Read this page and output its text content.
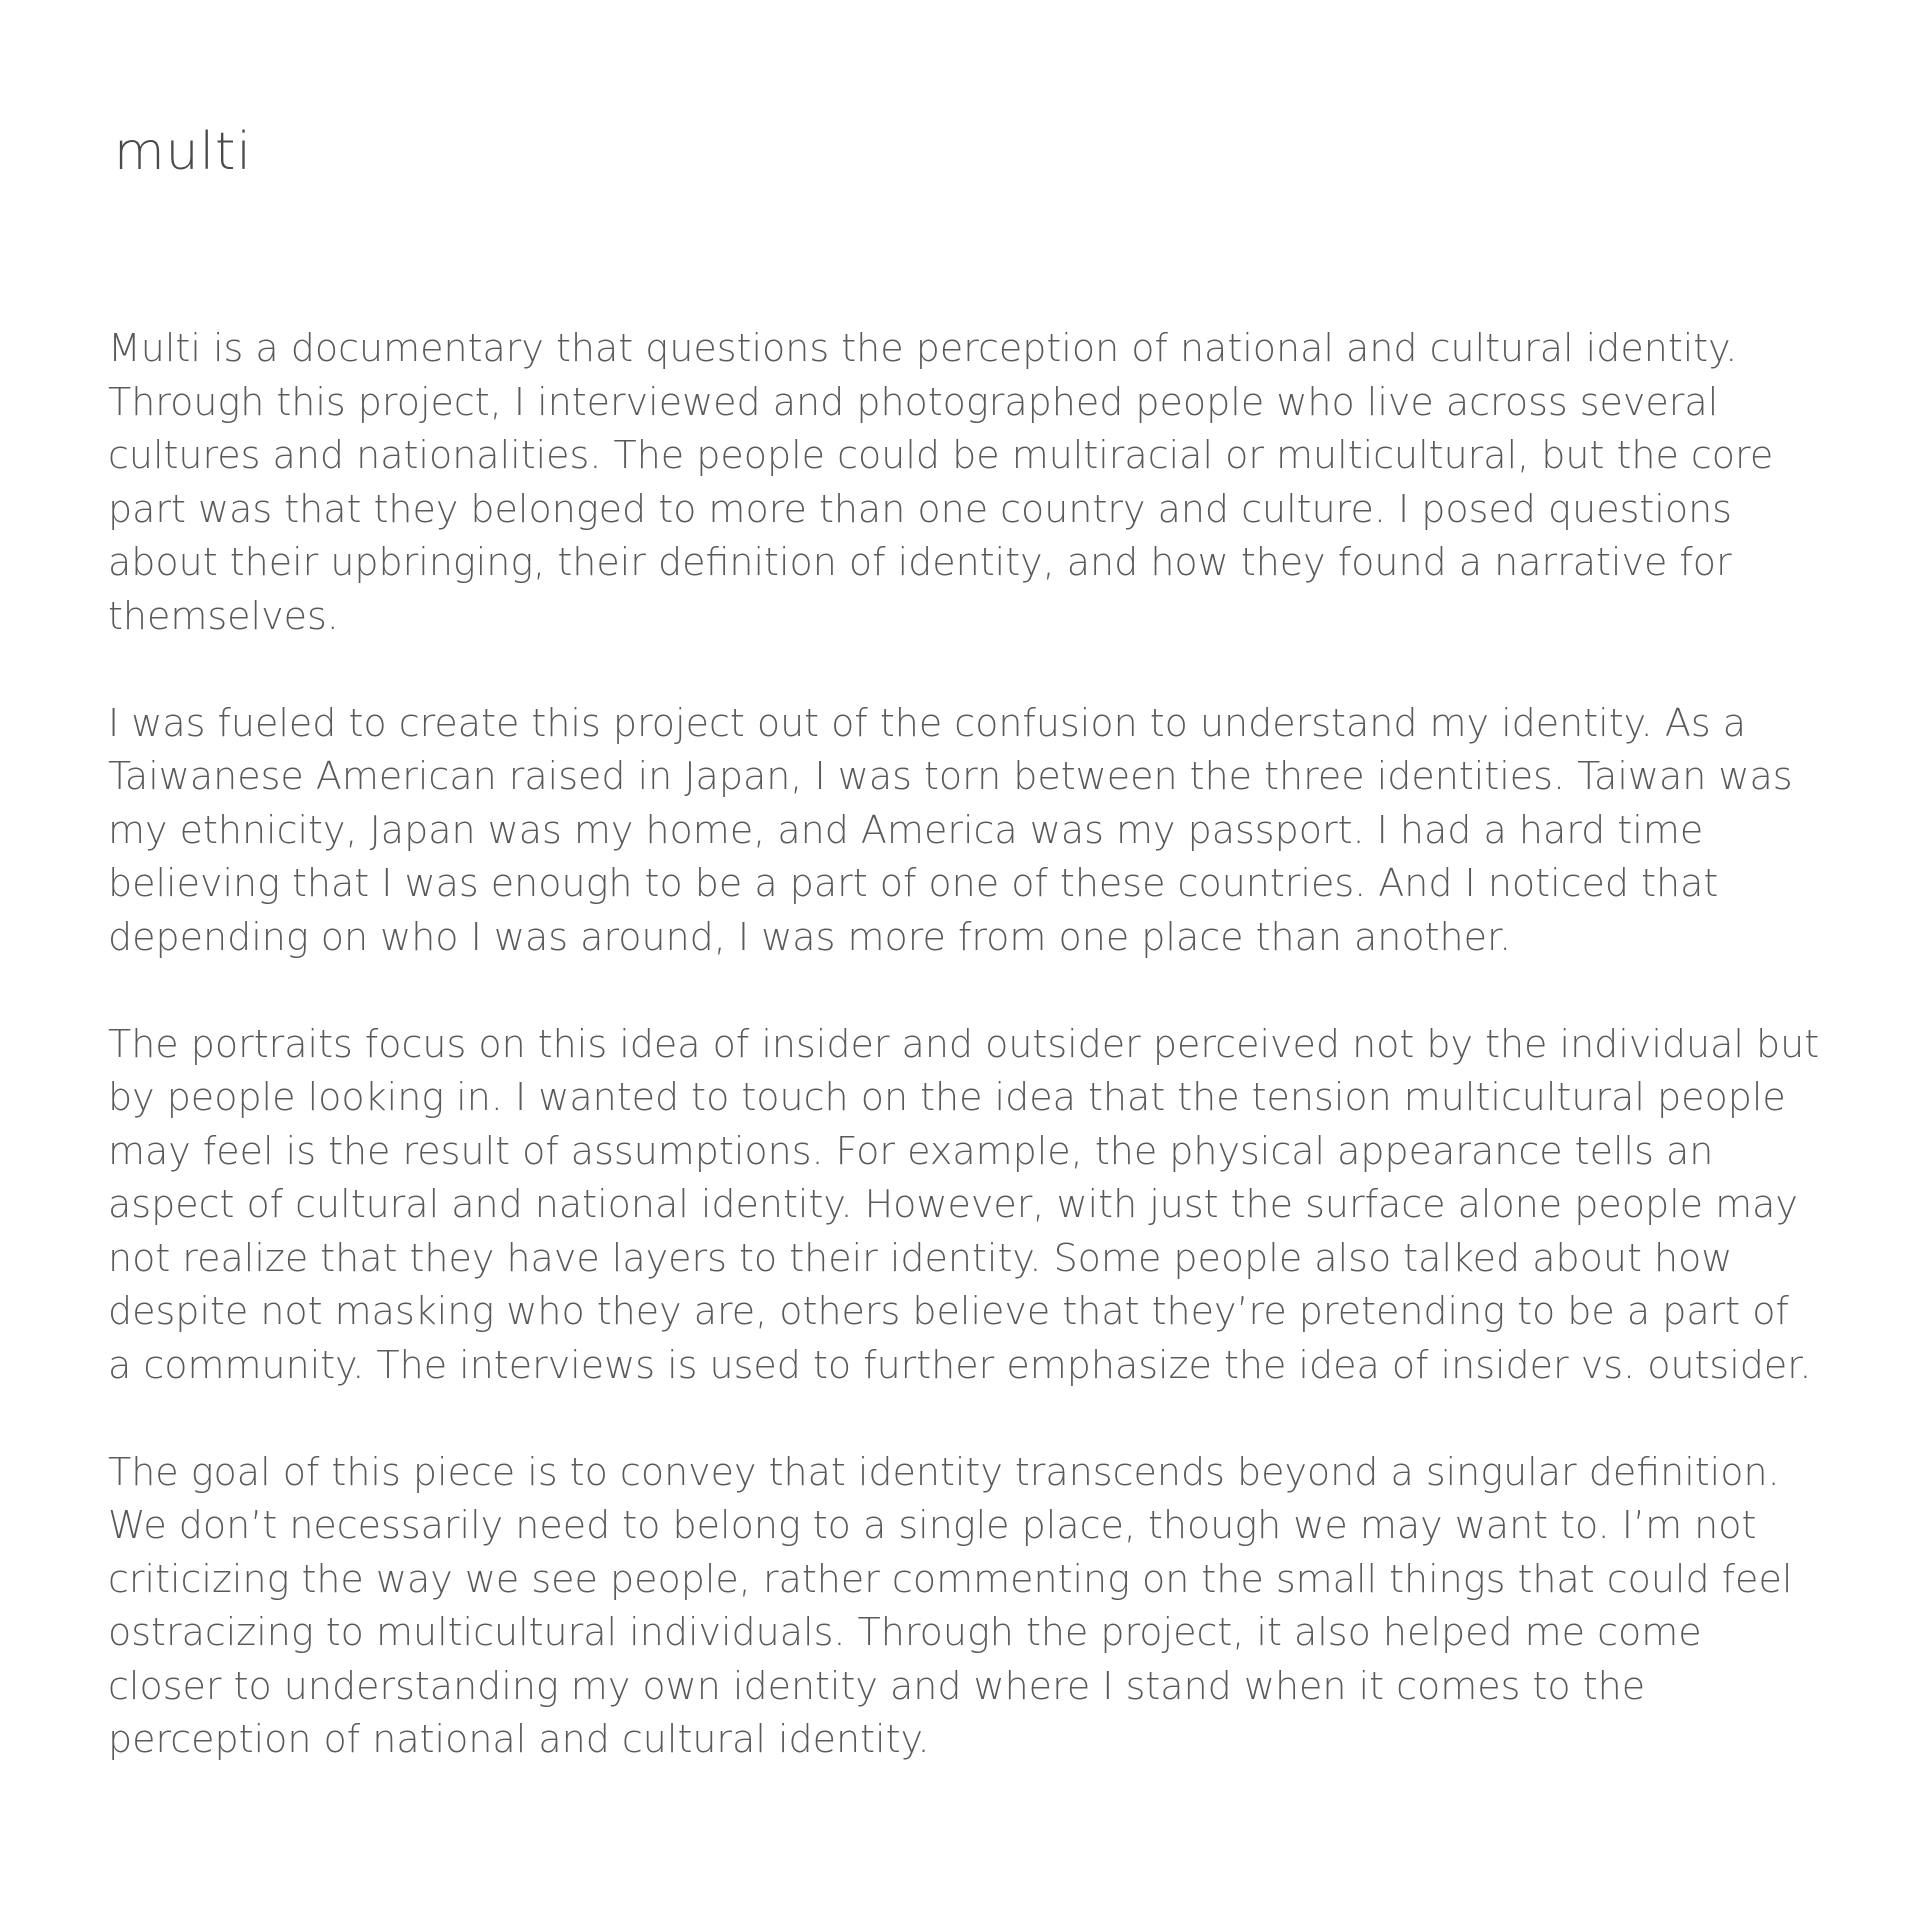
multi

Multi is a documentary that questions the perception of national and cultural identity. Through this project, I interviewed and photographed people who live across several cultures and nationalities. The people could be multiracial or multicultural, but the core part was that they belonged to more than one country and culture. I posed questions about their upbringing, their definition of identity, and how they found a narrative for themselves.

I was fueled to create this project out of the confusion to understand my identity. As a Taiwanese American raised in Japan, I was torn between the three identities. Taiwan was my ethnicity, Japan was my home, and America was my passport. I had a hard time believing that I was enough to be a part of one of these countries. And I noticed that depending on who I was around, I was more from one place than another.

The portraits focus on this idea of insider and outsider perceived not by the individual but by people looking in. I wanted to touch on the idea that the tension multicultural people may feel is the result of assumptions. For example, the physical appearance tells an aspect of cultural and national identity. However, with just the surface alone people may not realize that they have layers to their identity. Some people also talked about how despite not masking who they are, others believe that they’re pretending to be a part of a community. The interviews is used to further emphasize the idea of insider vs. outsider.

The goal of this piece is to convey that identity transcends beyond a singular definition. We don’t necessarily need to belong to a single place, though we may want to. I’m not criticizing the way we see people, rather commenting on the small things that could feel ostracizing to multicultural individuals. Through the project, it also helped me come closer to understanding my own identity and where I stand when it comes to the perception of national and cultural identity.
